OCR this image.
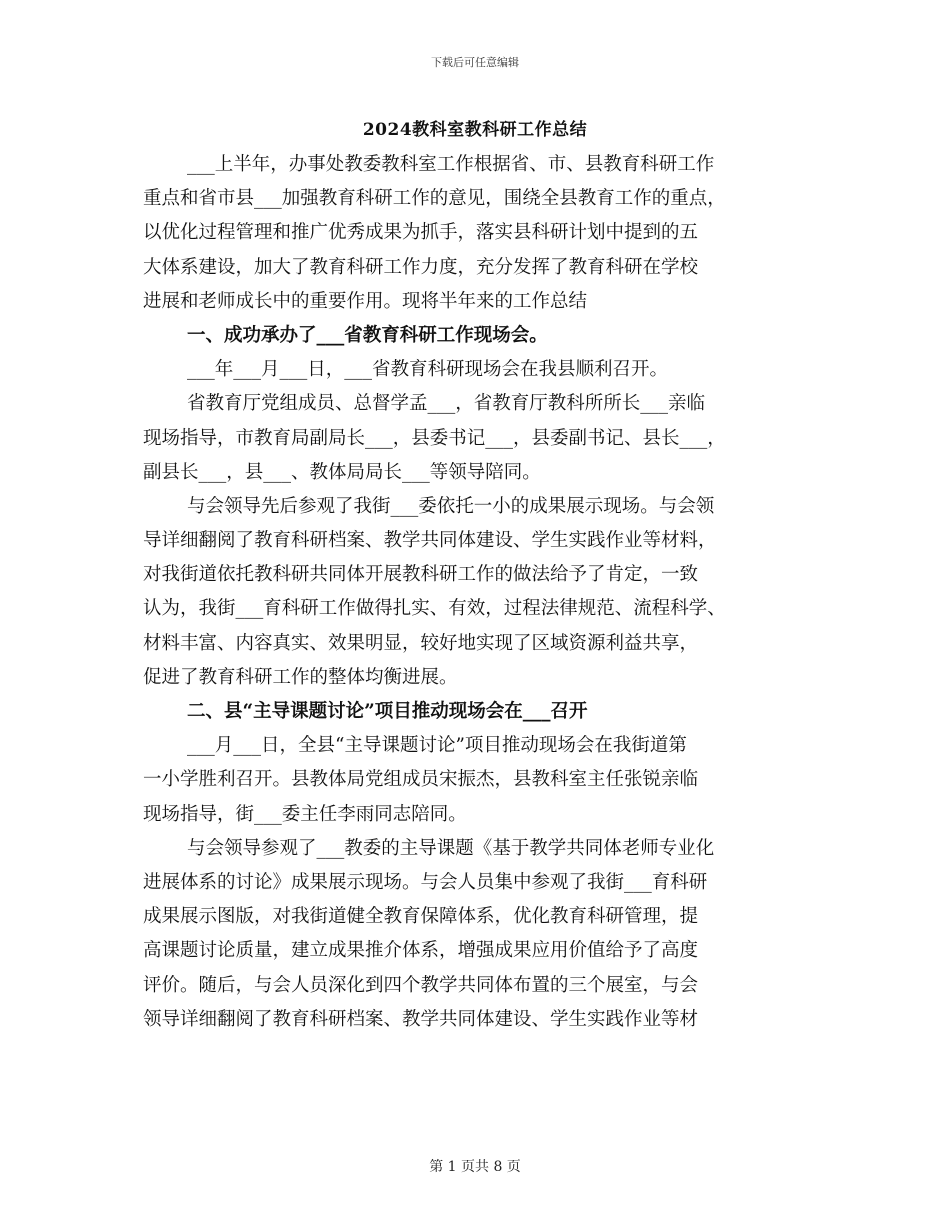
下载后可任意编辑
2024教科室教科研工作总结
___上半年，办事处教委教科室工作根据省、市、县教育科研工作
重点和省市县___加强教育科研工作的意见，围绕全县教育工作的重点，
以优化过程管理和推广优秀成果为抓手，落实县科研计划中提到的五
大体系建设，加大了教育科研工作力度，充分发挥了教育科研在学校
进展和老师成长中的重要作用。现将半年来的工作总结
一、成功承办了___省教育科研工作现场会。
___年___月___日，___省教育科研现场会在我县顺利召开。
省教育厅党组成员、总督学孟___，省教育厅教科所所长___亲临
现场指导，市教育局副局长___，县委书记___，县委副书记、县长___，
副县长___，县___、教体局局长___等领导陪同。
与会领导先后参观了我街___委依托一小的成果展示现场。与会领
导详细翻阅了教育科研档案、教学共同体建设、学生实践作业等材料，
对我街道依托教科研共同体开展教科研工作的做法给予了肯定，一致
认为，我街___育科研工作做得扎实、有效，过程法律规范、流程科学、
材料丰富、内容真实、效果明显，较好地实现了区域资源利益共享，
促进了教育科研工作的整体均衡进展。
二、县“主导课题讨论”项目推动现场会在___召开
___月___日，全县“主导课题讨论”项目推动现场会在我街道第
一小学胜利召开。县教体局党组成员宋振杰，县教科室主任张锐亲临
现场指导，街___委主任李雨同志陪同。
与会领导参观了___教委的主导课题《基于教学共同体老师专业化
进展体系的讨论》成果展示现场。与会人员集中参观了我街___育科研
成果展示图版，对我街道健全教育保障体系，优化教育科研管理，提
高课题讨论质量，建立成果推介体系，增强成果应用价值给予了高度
评价。随后，与会人员深化到四个教学共同体布置的三个展室，与会
领导详细翻阅了教育科研档案、教学共同体建设、学生实践作业等材
第 1 页共 8 页
